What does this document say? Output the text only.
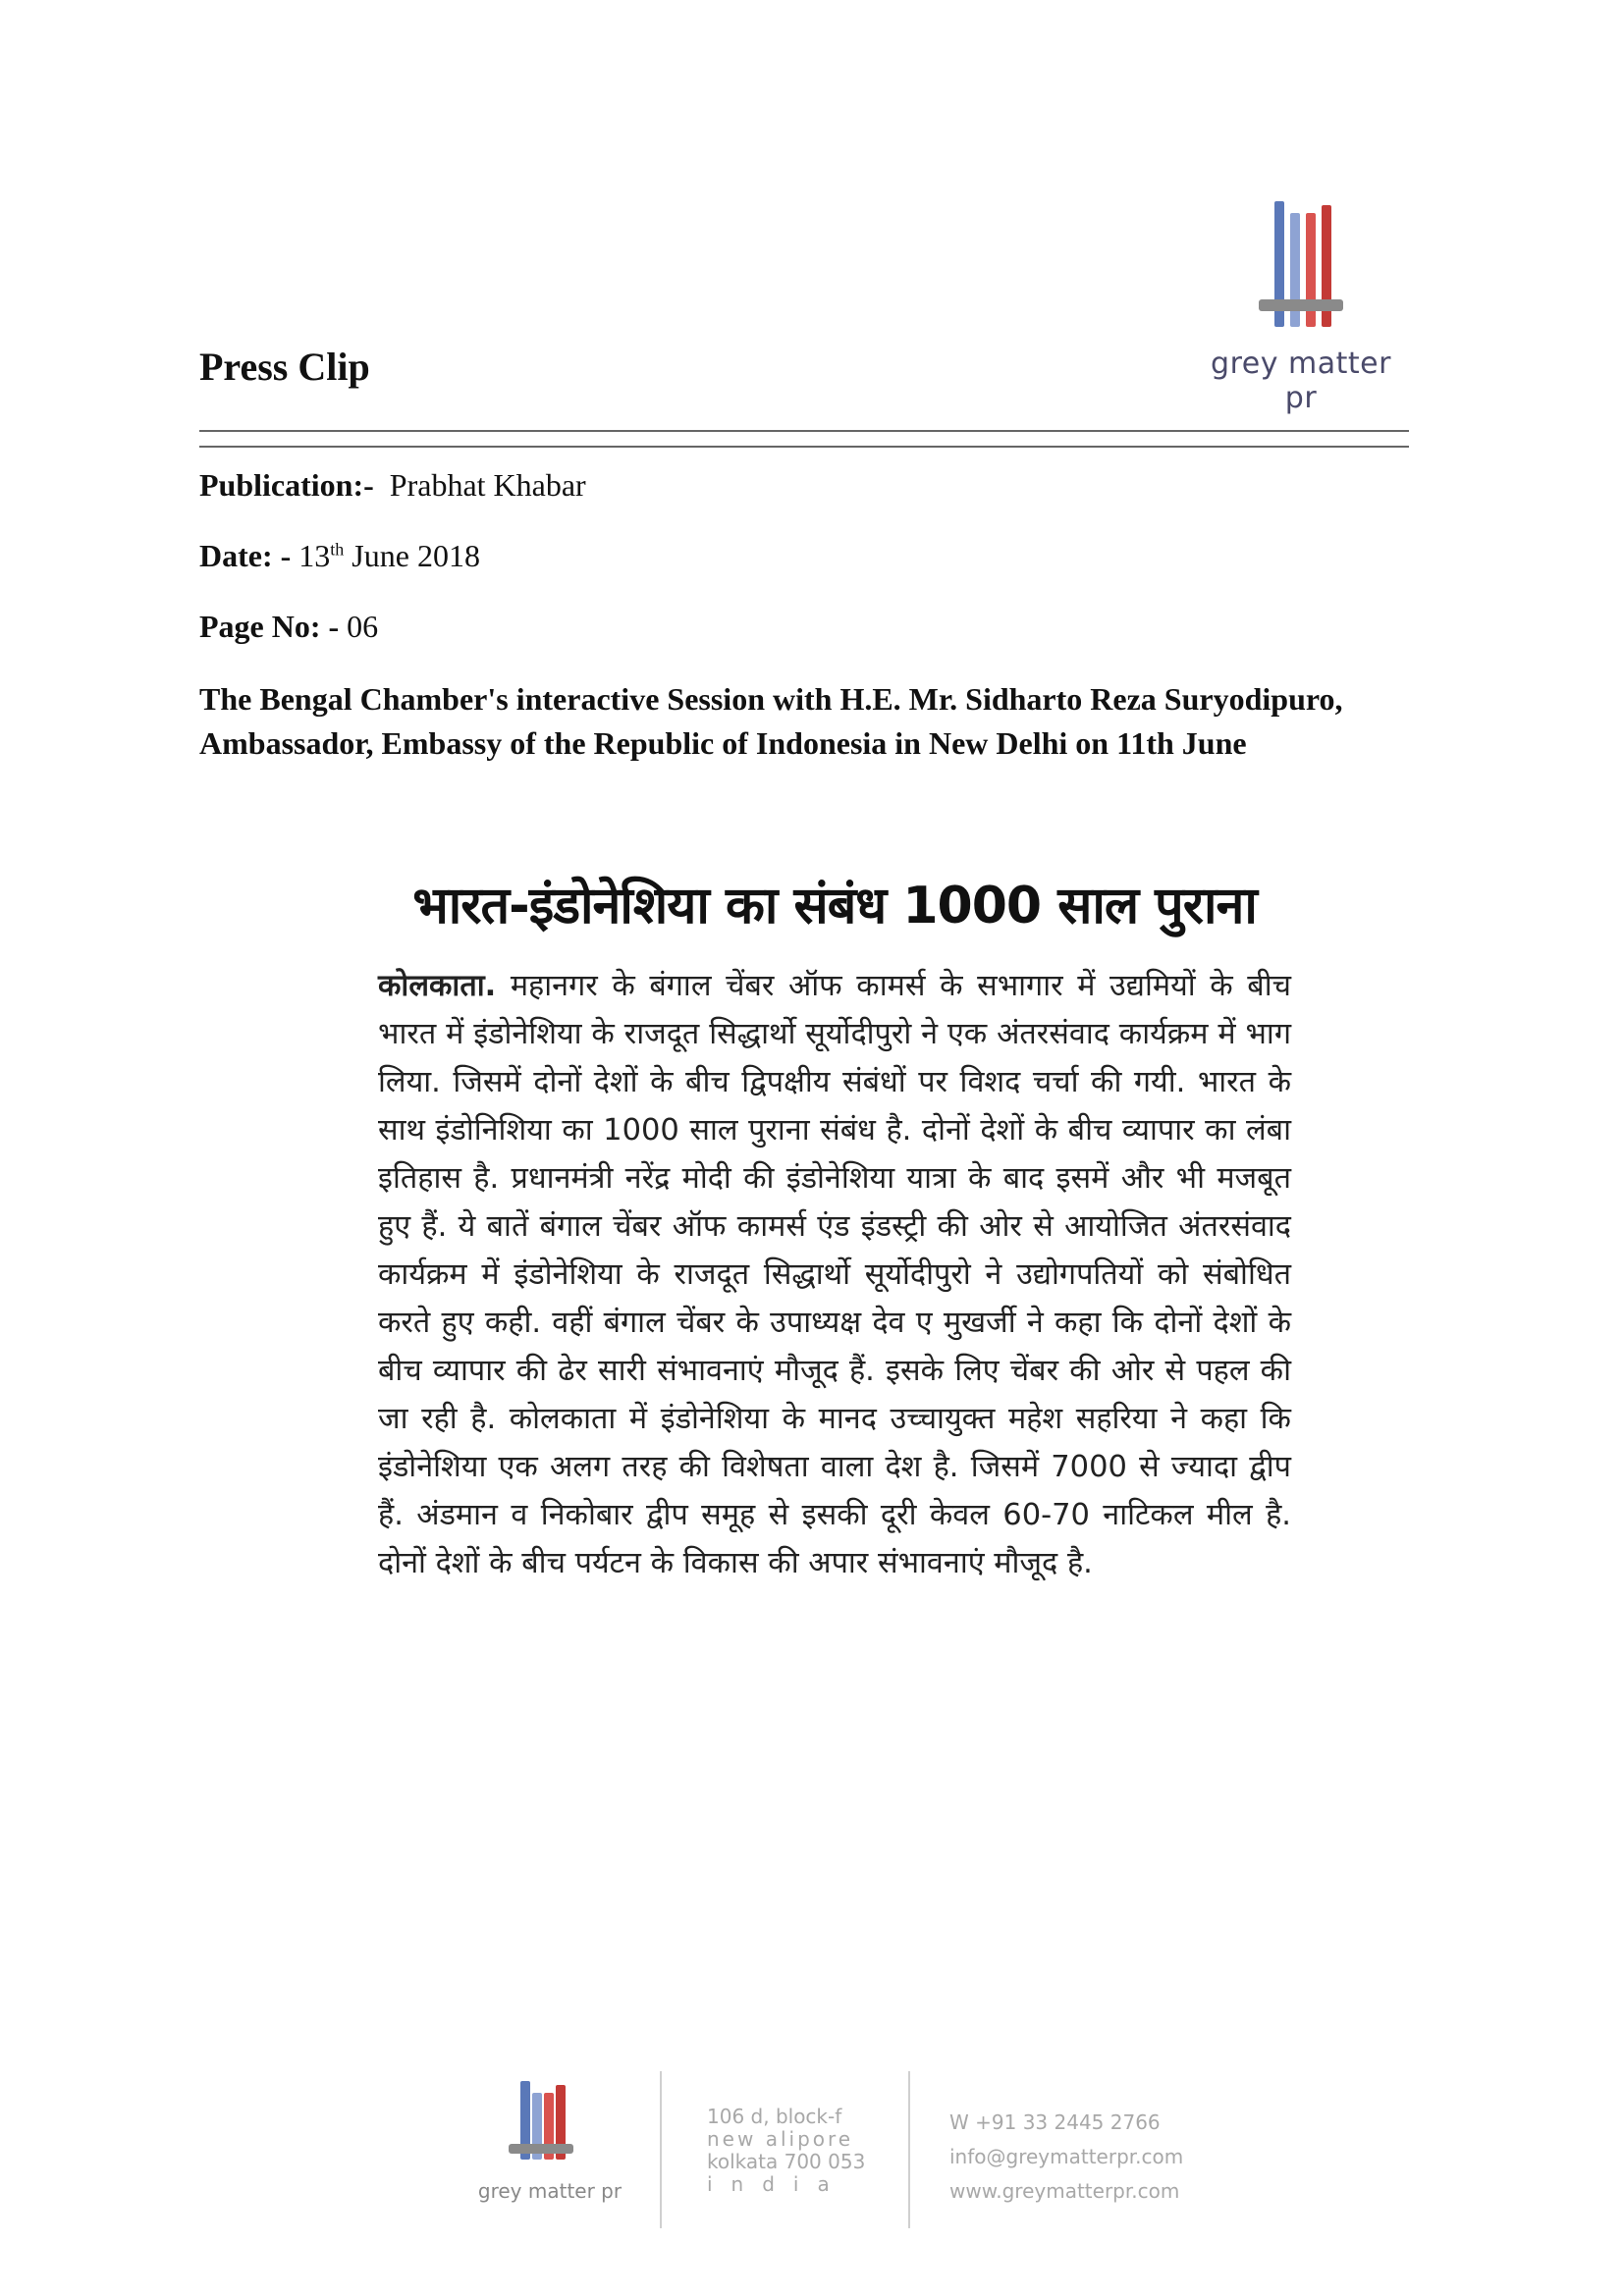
grey matter pr
Press Clip
Publication:- Prabhat Khabar
Date: - 13th June 2018
Page No: - 06
The Bengal Chamber's interactive Session with H.E. Mr. Sidharto Reza Suryodipuro, Ambassador, Embassy of the Republic of Indonesia in New Delhi on 11th June
भारत-इंडोनेशिया का संबंध 1000 साल पुराना
कोलकाता. महानगर के बंगाल चेंबर ऑफ कामर्स के सभागार में उद्यमियों के बीच भारत में इंडोनेशिया के राजदूत सिद्धार्थो सूर्योदीपुरो ने एक अंतरसंवाद कार्यक्रम में भाग लिया. जिसमें दोनों देशों के बीच द्विपक्षीय संबंधों पर विशद चर्चा की गयी. भारत के साथ इंडोनिशिया का 1000 साल पुराना संबंध है. दोनों देशों के बीच व्यापार का लंबा इतिहास है. प्रधानमंत्री नरेंद्र मोदी की इंडोनेशिया यात्रा के बाद इसमें और भी मजबूत हुए हैं. ये बातें बंगाल चेंबर ऑफ कामर्स एंड इंडस्ट्री की ओर से आयोजित अंतरसंवाद कार्यक्रम में इंडोनेशिया के राजदूत सिद्धार्थो सूर्योदीपुरो ने उद्योगपतियों को संबोधित करते हुए कही. वहीं बंगाल चेंबर के उपाध्यक्ष देव ए मुखर्जी ने कहा कि दोनों देशों के बीच व्यापार की ढेर सारी संभावनाएं मौजूद हैं. इसके लिए चेंबर की ओर से पहल की जा रही है. कोलकाता में इंडोनेशिया के मानद उच्चायुक्त महेश सहरिया ने कहा कि इंडोनेशिया एक अलग तरह की विशेषता वाला देश है. जिसमें 7000 से ज्यादा द्वीप हैं. अंडमान व निकोबार द्वीप समूह से इसकी दूरी केवल 60-70 नाटिकल मील है. दोनों देशों के बीच पर्यटन के विकास की अपार संभावनाएं मौजूद है.
grey matter pr
106 d, block-f
new alipore
kolkata 700 053
india
W +91 33 2445 2766
info@greymatterpr.com
www.greymatterpr.com
